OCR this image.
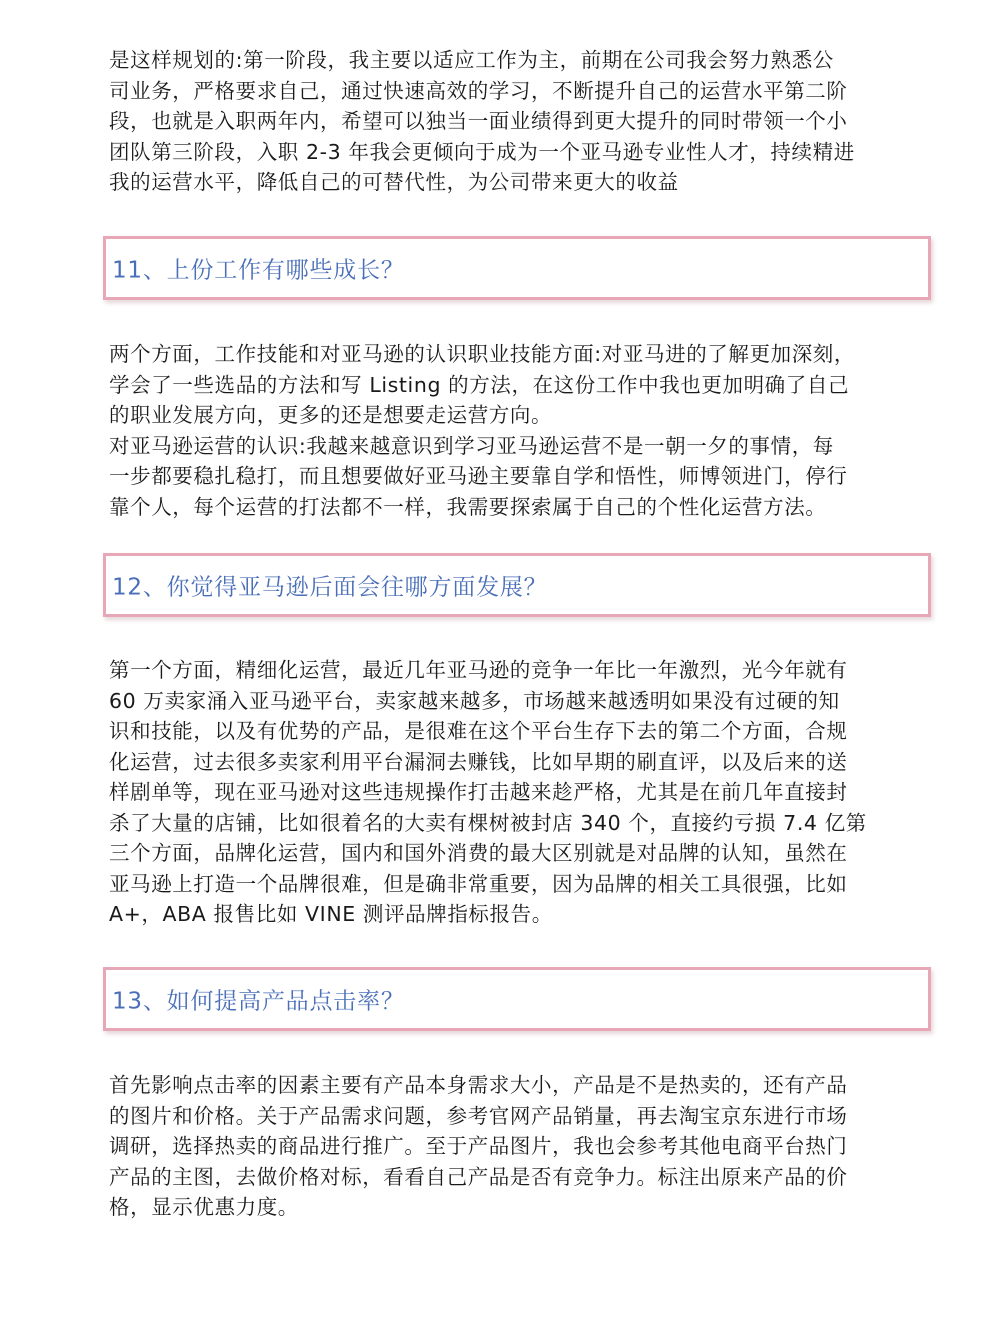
是这样规划的:第一阶段，我主要以适应工作为主，前期在公司我会努力熟悉公
司业务，严格要求自己，通过快速高效的学习，不断提升自己的运营水平第二阶
段，也就是入职两年内，希望可以独当一面业绩得到更大提升的同时带领一个小
团队第三阶段，入职 2-3 年我会更倾向于成为一个亚马逊专业性人才，持续精进
我的运营水平，降低自己的可替代性，为公司带来更大的收益

11、上份工作有哪些成长？

两个方面，工作技能和对亚马逊的认识职业技能方面:对亚马进的了解更加深刻，
学会了一些选品的方法和写 Listing 的方法，在这份工作中我也更加明确了自己
的职业发展方向，更多的还是想要走运营方向。
对亚马逊运营的认识:我越来越意识到学习亚马逊运营不是一朝一夕的事情，每
一步都要稳扎稳打，而且想要做好亚马逊主要靠自学和悟性，师博领进门，停行
靠个人，每个运营的打法都不一样，我需要探索属于自己的个性化运营方法。

12、你觉得亚马逊后面会往哪方面发展？

第一个方面，精细化运营，最近几年亚马逊的竞争一年比一年激烈，光今年就有
60 万卖家涌入亚马逊平台，卖家越来越多，市场越来越透明如果没有过硬的知
识和技能，以及有优势的产品，是很难在这个平台生存下去的第二个方面，合规
化运营，过去很多卖家利用平台漏洞去赚钱，比如早期的刷直评，以及后来的送
样剧单等，现在亚马逊对这些违规操作打击越来趁严格，尤其是在前几年直接封
杀了大量的店铺，比如很着名的大卖有棵树被封店 340 个，直接约亏损 7.4 亿第
三个方面，品牌化运营，国内和国外消费的最大区别就是对品牌的认知，虽然在
亚马逊上打造一个品牌很难，但是确非常重要，因为品牌的相关工具很强，比如
A+，ABA 报售比如 VINE 测评品牌指标报告。

13、如何提高产品点击率？

首先影响点击率的因素主要有产品本身需求大小，产品是不是热卖的，还有产品
的图片和价格。关于产品需求问题，参考官网产品销量，再去淘宝京东进行市场
调研，选择热卖的商品进行推广。至于产品图片，我也会参考其他电商平台热门
产品的主图，去做价格对标，看看自己产品是否有竞争力。标注出原来产品的价
格，显示优惠力度。
